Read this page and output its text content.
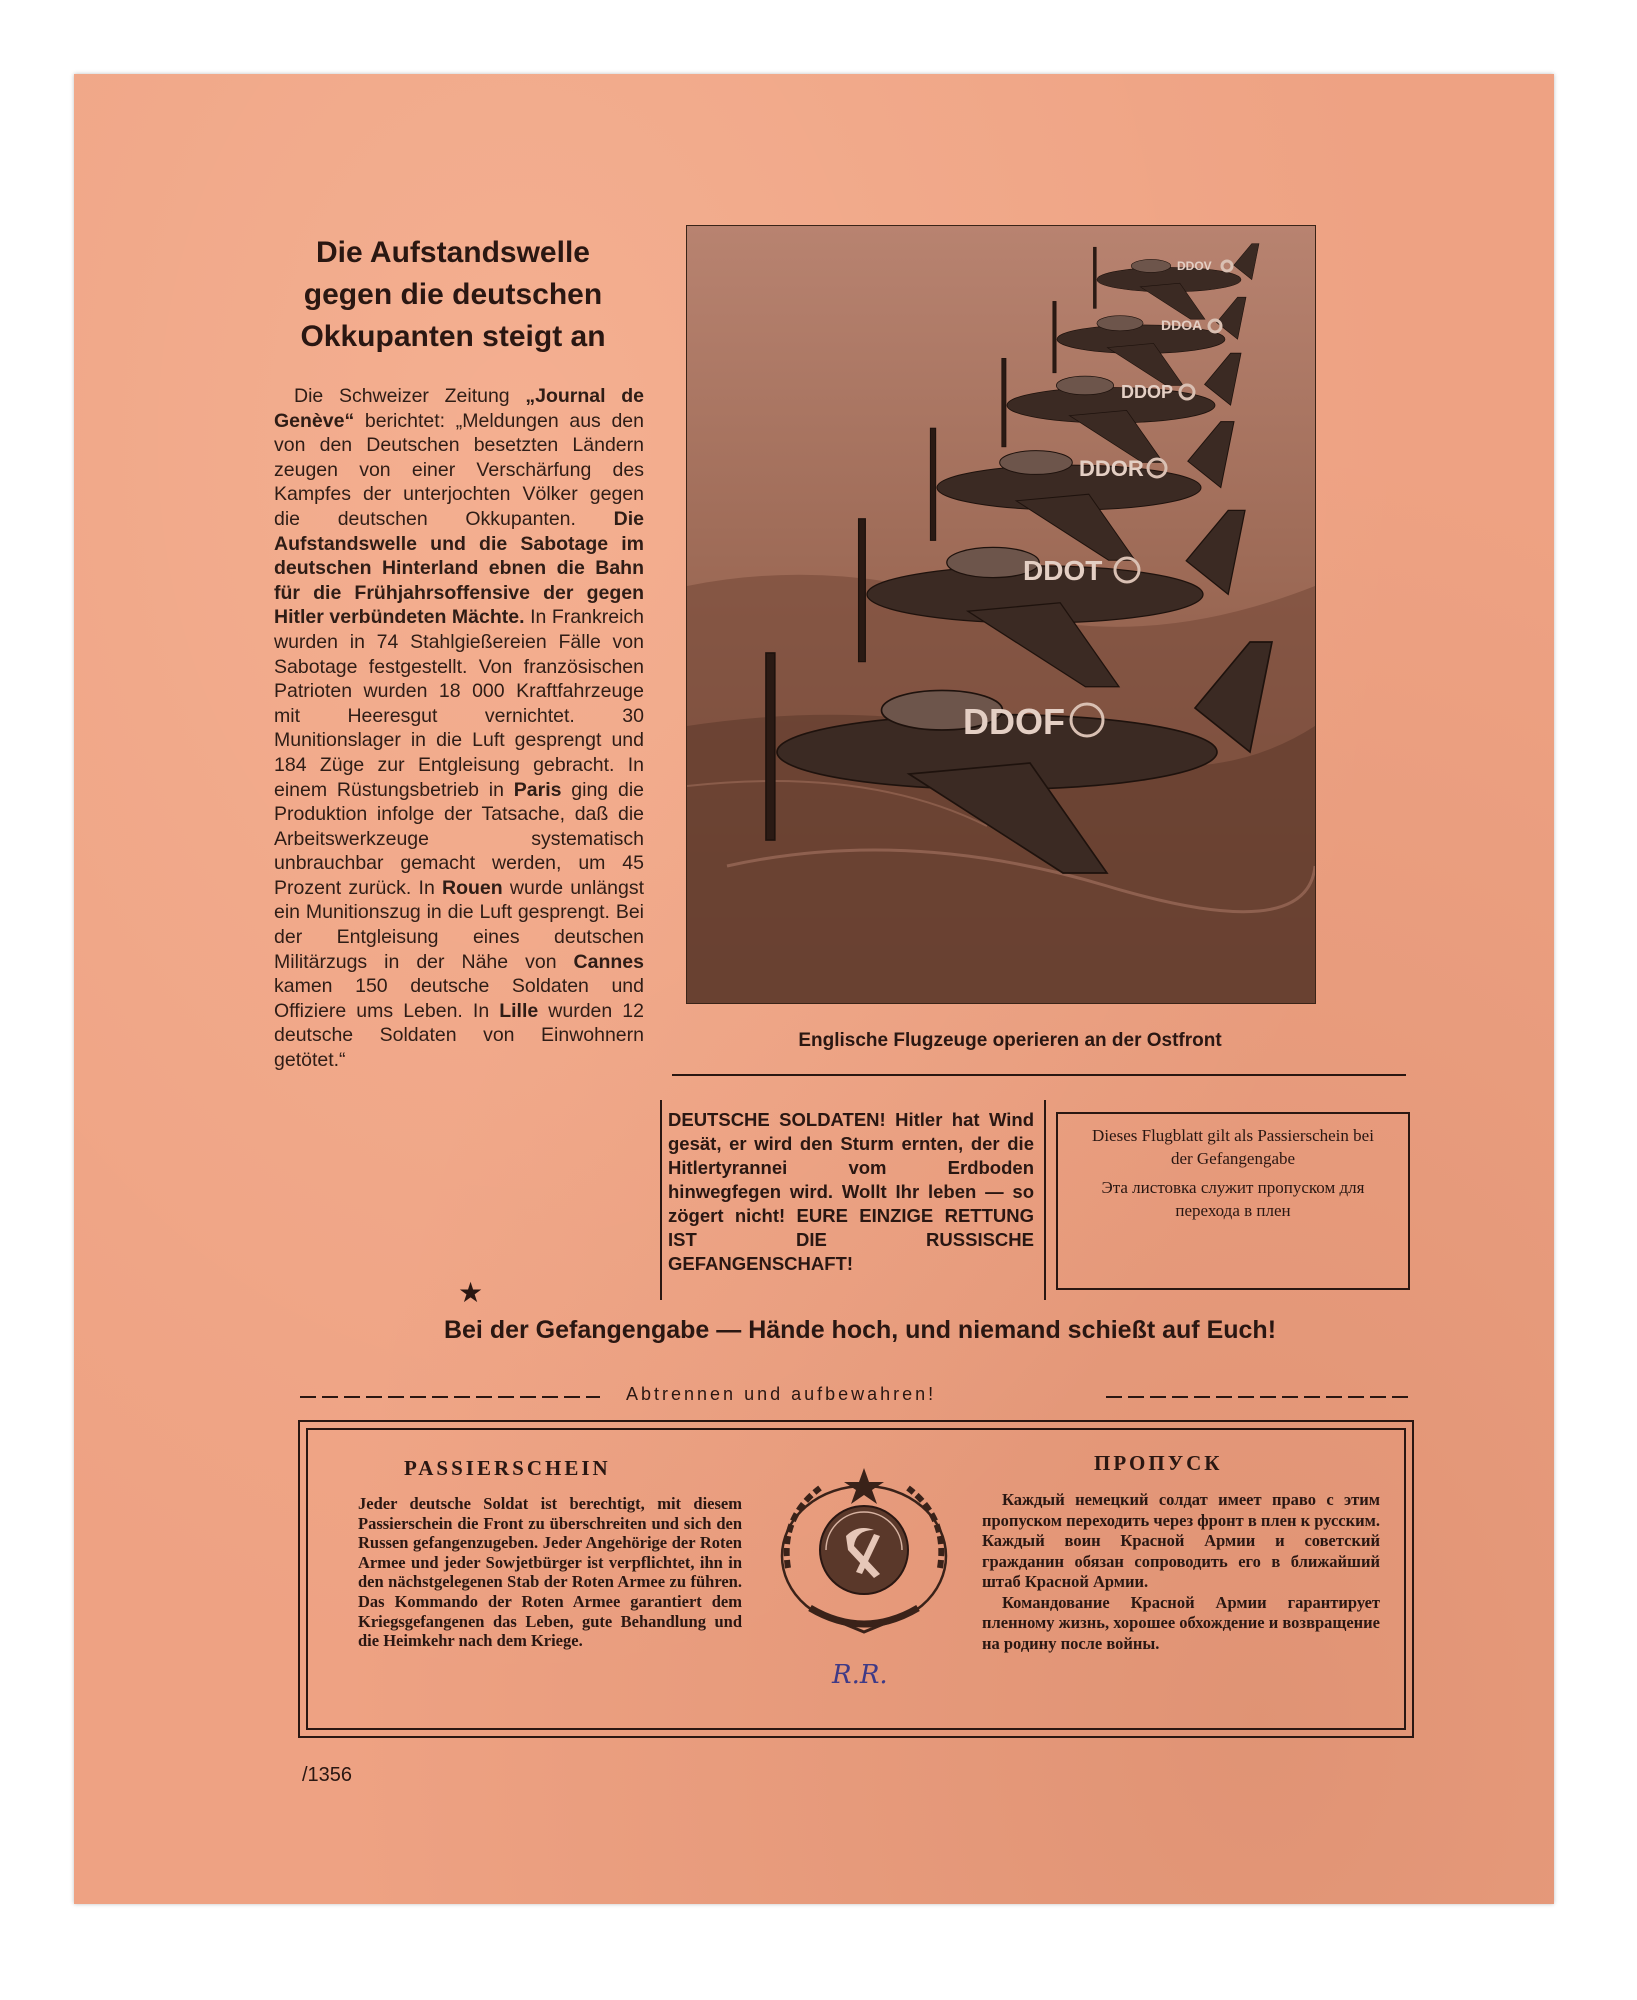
Die Aufstandswelle
gegen die deutschen
Okkupanten steigt an
Die Schweizer Zeitung „Journal de Genève“ berichtet: „Meldungen aus den von den Deutschen besetzten Ländern zeugen von einer Verschärfung des Kampfes der unterjochten Völker gegen die deutschen Okkupanten. Die Aufstandswelle und die Sabotage im deutschen Hinterland ebnen die Bahn für die Frühjahrsoffensive der gegen Hitler verbündeten Mächte. In Frankreich wurden in 74 Stahlgießereien Fälle von Sabotage festgestellt. Von französischen Patrioten wurden 18 000 Kraftfahrzeuge mit Heeresgut vernichtet. 30 Munitionslager in die Luft gesprengt und 184 Züge zur Entgleisung gebracht. In einem Rüstungsbetrieb in Paris ging die Produktion infolge der Tatsache, daß die Arbeitswerkzeuge systematisch unbrauchbar gemacht werden, um 45 Prozent zurück. In Rouen wurde unlängst ein Munitionszug in die Luft gesprengt. Bei der Entgleisung eines deutschen Militärzugs in der Nähe von Cannes kamen 150 deutsche Soldaten und Offiziere ums Leben. In Lille wurden 12 deutsche Soldaten von Einwohnern getötet.“
★
DDOV
DDOA
DDOP
DDOR
DDOT
DDOF
Englische Flugzeuge operieren an der Ostfront
DEUTSCHE SOLDATEN! Hitler hat Wind gesät, er wird den Sturm ernten, der die Hitlertyrannei vom Erdboden hinwegfegen wird. Wollt Ihr leben — so zögert nicht! EURE EINZIGE RETTUNG IST DIE RUSSISCHE GEFANGENSCHAFT!

Dieses Flugblatt gilt als Passierschein bei der Gefangengabe

Эта листовка служит пропуском для перехода в плен

Bei der Gefangengabe — Hände hoch, und niemand schießt auf Euch!
Abtrennen und aufbewahren!
PASSIERSCHEIN
Jeder deutsche Soldat ist berechtigt, mit diesem Passierschein die Front zu überschreiten und sich den Russen gefangenzugeben. Jeder Angehörige der Roten Armee und jeder Sowjetbürger ist verpflichtet, ihn in den nächstgelegenen Stab der Roten Armee zu führen. Das Kommando der Roten Armee garantiert dem Kriegsgefangenen das Leben, gute Behandlung und die Heimkehr nach dem Kriege.
ПРОПУСК
Каждый немецкий солдат имеет право с этим пропуском переходить через фронт в плен к русским. Каждый воин Красной Армии и советский гражданин обязан сопроводить его в ближайший штаб Красной Армии.
Командование Красной Армии гарантирует пленному жизнь, хорошее обхождение и возвращение на родину после войны.
R.R.
/1356
